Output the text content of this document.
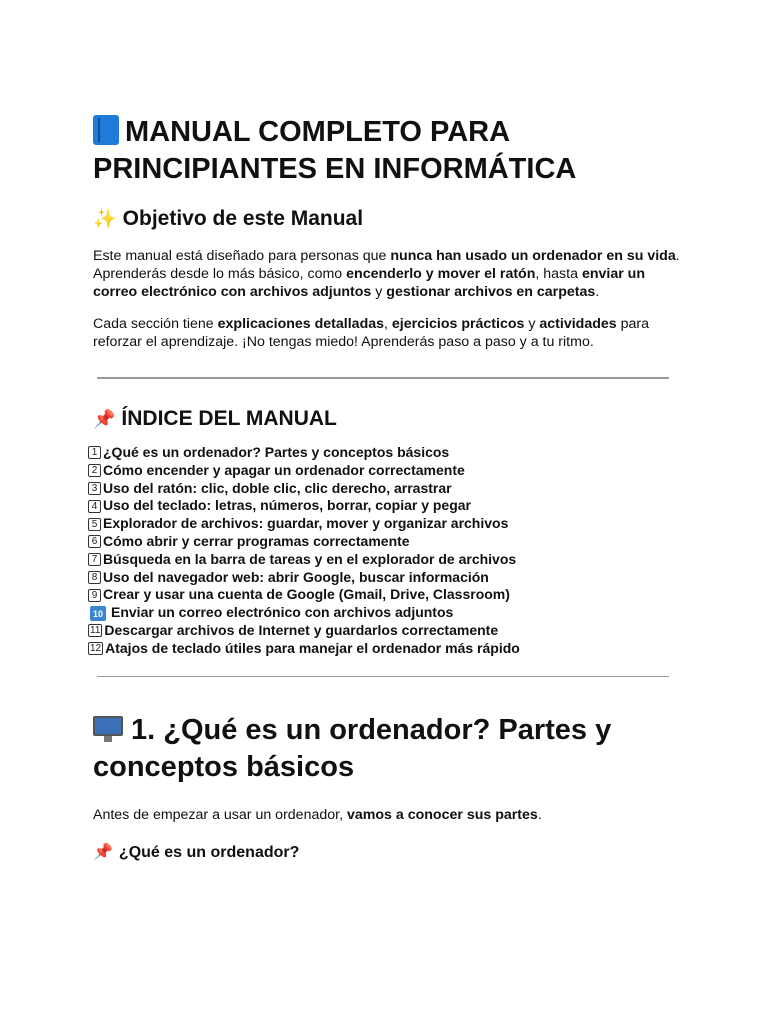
MANUAL COMPLETO PARA
PRINCIPIANTES EN INFORMÁTICA
✨ Objetivo de este Manual

Este manual está diseñado para personas que nunca han usado un ordenador en su vida. Aprenderás desde lo más básico, como encenderlo y mover el ratón, hasta enviar un correo electrónico con archivos adjuntos y gestionar archivos en carpetas.

Cada sección tiene explicaciones detalladas, ejercicios prácticos y actividades para reforzar el aprendizaje. ¡No tengas miedo! Aprenderás paso a paso y a tu ritmo.

📌 ÍNDICE DEL MANUAL
1 ¿Qué es un ordenador? Partes y conceptos básicos
2 Cómo encender y apagar un ordenador correctamente
3 Uso del ratón: clic, doble clic, clic derecho, arrastrar
4 Uso del teclado: letras, números, borrar, copiar y pegar
5 Explorador de archivos: guardar, mover y organizar archivos
6 Cómo abrir y cerrar programas correctamente
7 Búsqueda en la barra de tareas y en el explorador de archivos
8 Uso del navegador web: abrir Google, buscar información
9 Crear y usar una cuenta de Google (Gmail, Drive, Classroom)
10 Enviar un correo electrónico con archivos adjuntos
11 Descargar archivos de Internet y guardarlos correctamente
12 Atajos de teclado útiles para manejar el ordenador más rápido
1. ¿Qué es un ordenador? Partes y
conceptos básicos

Antes de empezar a usar un ordenador, vamos a conocer sus partes.

📌 ¿Qué es un ordenador?
